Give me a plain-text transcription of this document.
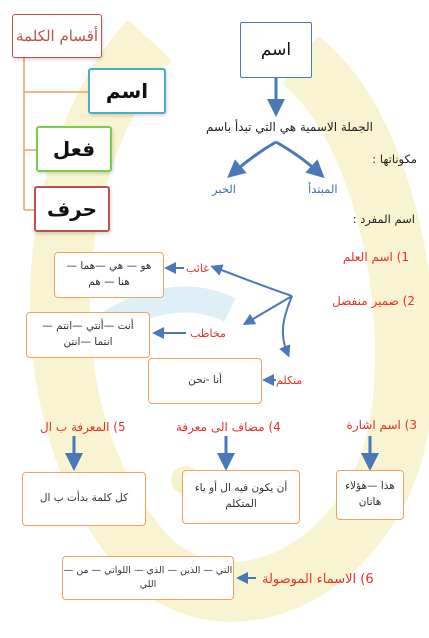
أقسام الكلمة
اسم
فعل
حرف
اسم
الجملة الاسمية هي التي تبدأ باسم
مكوناتها :
المبتدأ
الخبر
اسم المفرد :
1) اسم العلم
2) ضمير منفصل
غائب
هو — هي —هما —
هنا — هم
مخاطب
أنت —أنتي —انتم —
انتما —انتن
متكلم
أنا -نحن
3) اسم اشارة
4) مضاف الى معرفة
5) المعرفة ب ال
هذا —هؤلاء
هاتان
أن يكون فيه ال أو ياء
المتكلم
كل كلمة بدأت ب ال
6) الاسماء الموصولة
التي — الذين — الذي — اللواتي — من —اللي
